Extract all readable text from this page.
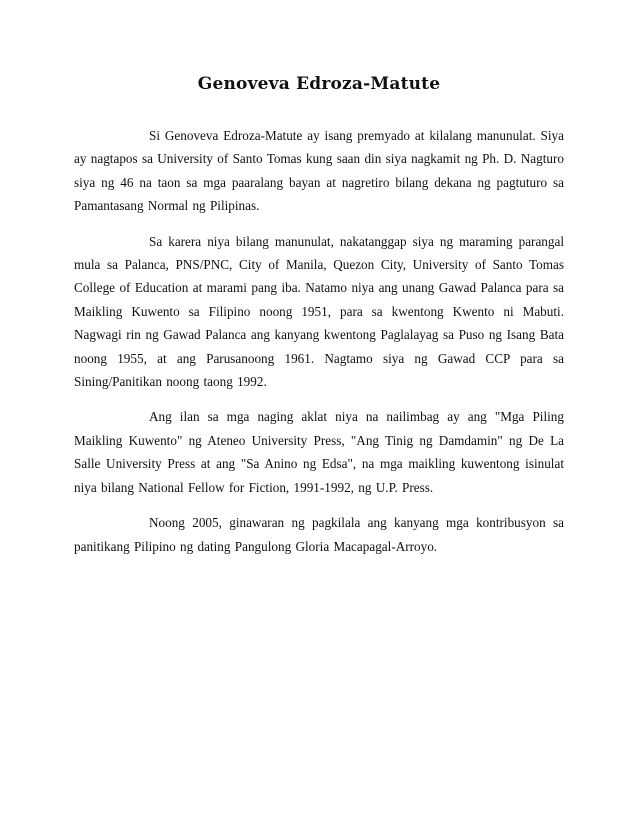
Genoveva Edroza-Matute

Si Genoveva Edroza-Matute ay isang premyado at kilalang manunulat. Siya ay nagtapos sa University of Santo Tomas kung saan din siya nagkamit ng Ph. D. Nagturo siya ng 46 na taon sa mga paaralang bayan at nagretiro bilang dekana ng pagtuturo sa Pamantasang Normal ng Pilipinas.

Sa karera niya bilang manunulat, nakatanggap siya ng maraming parangal mula sa Palanca, PNS/PNC, City of Manila, Quezon City, University of Santo Tomas College of Education at marami pang iba. Natamo niya ang unang Gawad Palanca para sa Maikling Kuwento sa Filipino noong 1951, para sa kwentong Kwento ni Mabuti. Nagwagi rin ng Gawad Palanca ang kanyang kwentong Paglalayag sa Puso ng Isang Bata noong 1955, at ang Parusanoong 1961. Nagtamo siya ng Gawad CCP para sa Sining/Panitikan noong taong 1992.

Ang ilan sa mga naging aklat niya na nailimbag ay ang "Mga Piling Maikling Kuwento" ng Ateneo University Press, "Ang Tinig ng Damdamin" ng De La Salle University Press at ang "Sa Anino ng Edsa", na mga maikling kuwentong isinulat niya bilang National Fellow for Fiction, 1991-1992, ng U.P. Press.

Noong 2005, ginawaran ng pagkilala ang kanyang mga kontribusyon sa panitikang Pilipino ng dating Pangulong Gloria Macapagal-Arroyo.
